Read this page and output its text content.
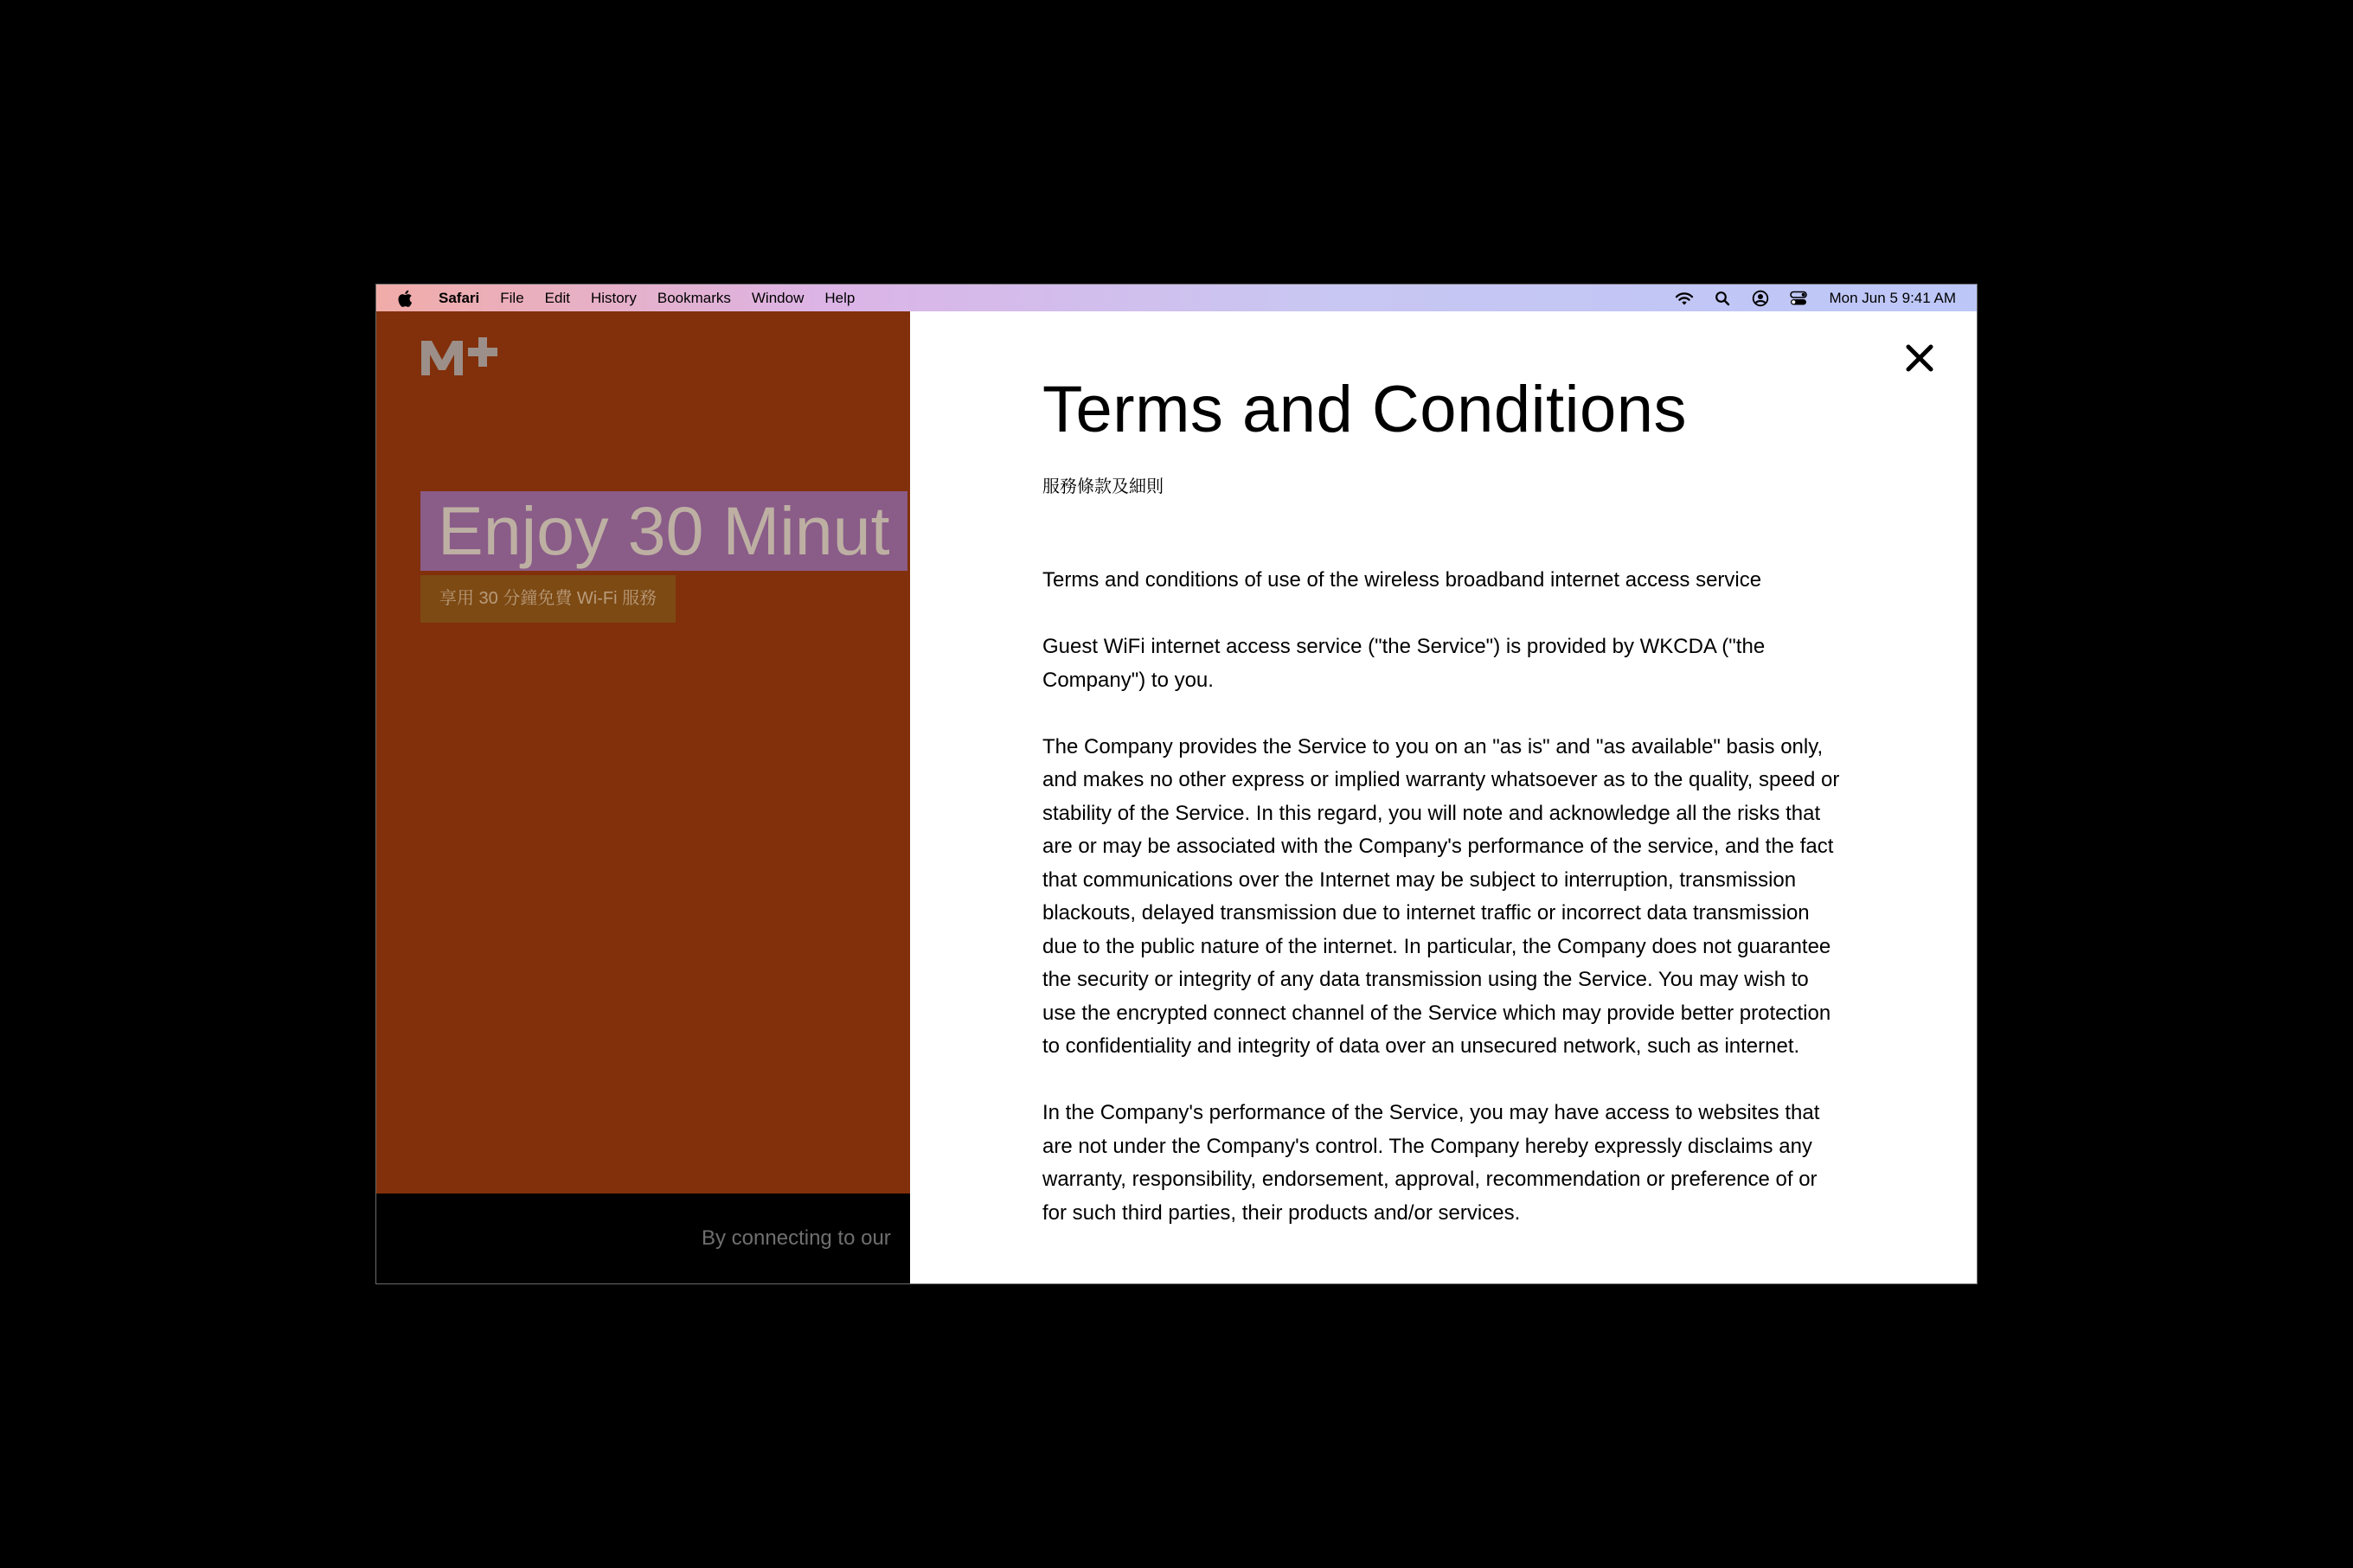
Safari File Edit History Bookmarks Window Help	Mon Jun 5 9:41 AM
Enjoy 30 Minut
享用 30 分鐘免費 Wi-Fi 服務
By connecting to our
Terms and Conditions
服務條款及細則

Terms and conditions of use of the wireless broadband internet access service

Guest WiFi internet access service ("the Service") is provided by WKCDA ("the Company") to you.

The Company provides the Service to you on an "as is" and "as available" basis only, and makes no other express or implied warranty whatsoever as to the quality, speed or stability of the Service. In this regard, you will note and acknowledge all the risks that are or may be associated with the Company's performance of the service, and the fact that communications over the Internet may be subject to interruption, transmission blackouts, delayed transmission due to internet traffic or incorrect data transmission due to the public nature of the internet. In particular, the Company does not guarantee the security or integrity of any data transmission using the Service. You may wish to use the encrypted connect channel of the Service which may provide better protection to confidentiality and integrity of data over an unsecured network, such as internet.

In the Company's performance of the Service, you may have access to websites that are not under the Company's control. The Company hereby expressly disclaims any warranty, responsibility, endorsement, approval, recommendation or preference of or for such third parties, their products and/or services.
